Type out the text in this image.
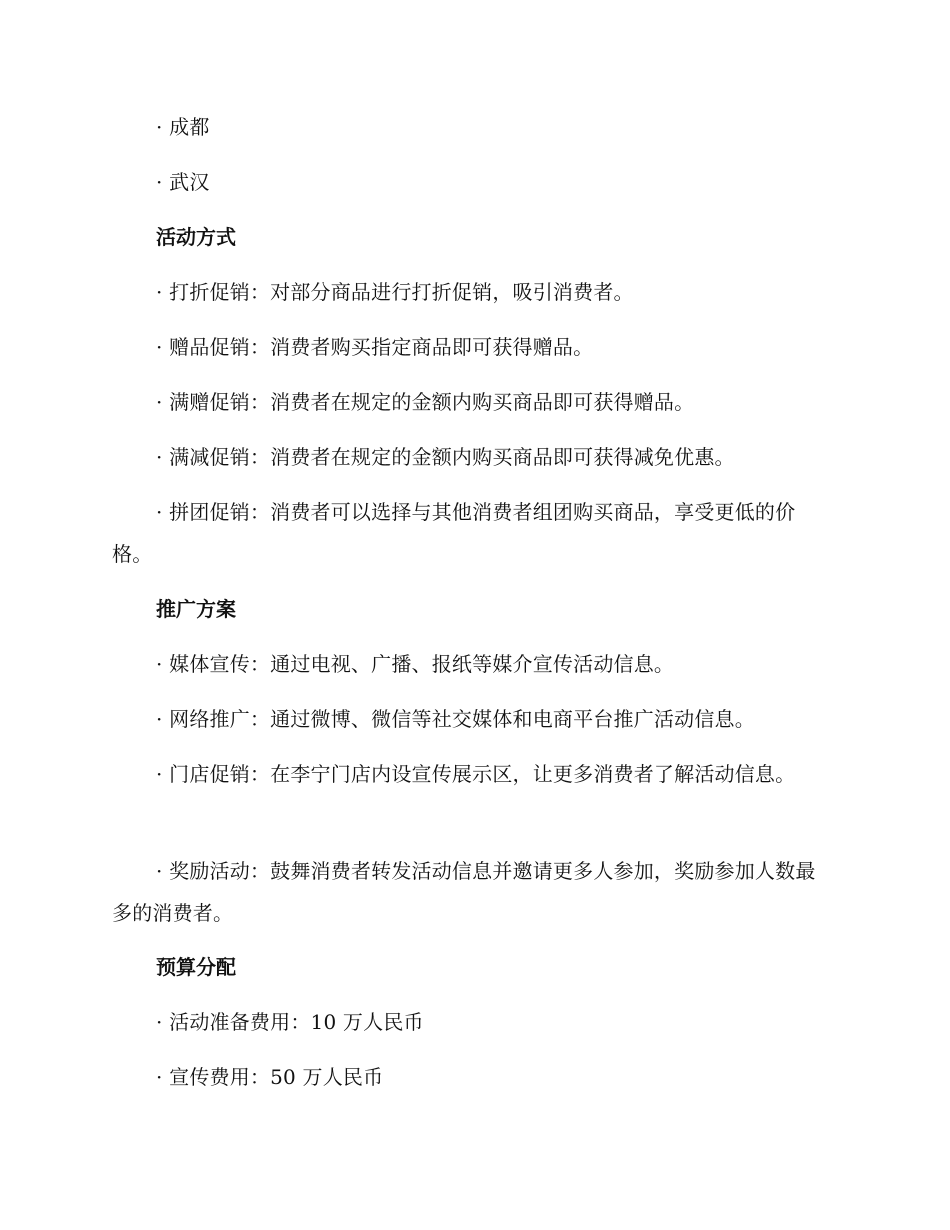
· 成都

· 武汉

活动方式

· 打折促销：对部分商品进行打折促销，吸引消费者。

· 赠品促销：消费者购买指定商品即可获得赠品。

· 满赠促销：消费者在规定的金额内购买商品即可获得赠品。

· 满减促销：消费者在规定的金额内购买商品即可获得减免优惠。

· 拼团促销：消费者可以选择与其他消费者组团购买商品，享受更低的价格。

推广方案

· 媒体宣传：通过电视、广播、报纸等媒介宣传活动信息。

· 网络推广：通过微博、微信等社交媒体和电商平台推广活动信息。

· 门店促销：在李宁门店内设宣传展示区，让更多消费者了解活动信息。

· 奖励活动：鼓舞消费者转发活动信息并邀请更多人参加，奖励参加人数最多的消费者。

预算分配

· 活动准备费用：10 万人民币

· 宣传费用：50 万人民币
